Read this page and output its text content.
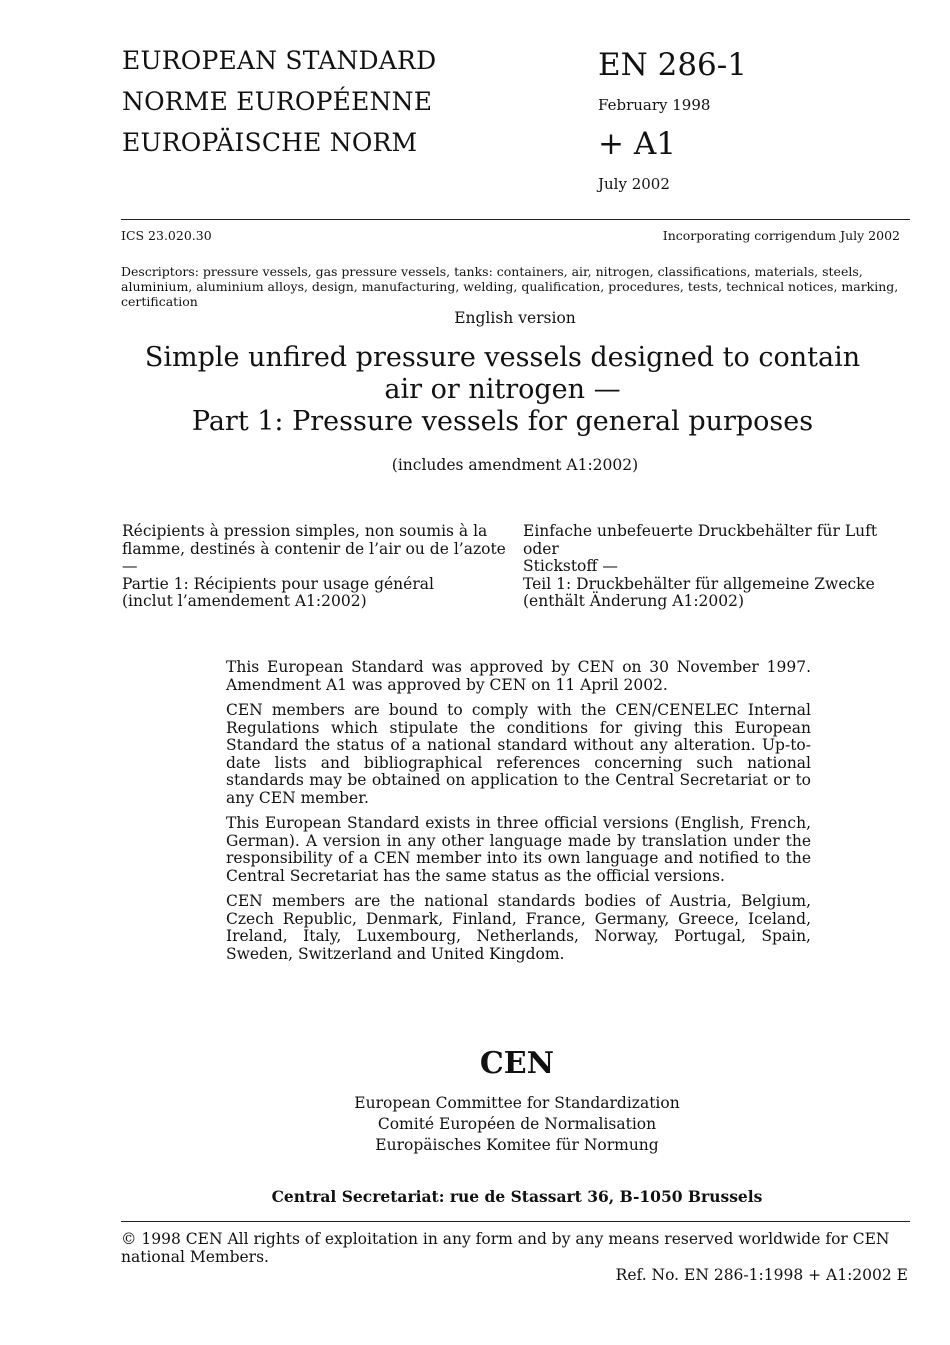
EUROPEAN STANDARD
NORME EUROPÉENNE
EUROPÄISCHE NORM
EN 286-1
February 1998
+ A1
July 2002
ICS 23.020.30	Incorporating corrigendum July 2002
Descriptors: pressure vessels, gas pressure vessels, tanks: containers, air, nitrogen, classifications, materials, steels, aluminium, aluminium alloys, design, manufacturing, welding, qualification, procedures, tests, technical notices, marking, certification
English version
Simple unfired pressure vessels designed to contain
air or nitrogen —
Part 1: Pressure vessels for general purposes
(includes amendment A1:2002)
Récipients à pression simples, non soumis à la
flamme, destinés à contenir de l’air ou de l’azote —
Partie 1: Récipients pour usage général
(inclut l’amendement A1:2002)
Einfache unbefeuerte Druckbehälter für Luft oder
Stickstoff —
Teil 1: Druckbehälter für allgemeine Zwecke
(enthält Änderung A1:2002)

This European Standard was approved by CEN on 30 November 1997. Amendment A1 was approved by CEN on 11 April 2002.

CEN members are bound to comply with the CEN/CENELEC Internal Regulations which stipulate the conditions for giving this European Standard the status of a national standard without any alteration. Up-to-date lists and bibliographical references concerning such national standards may be obtained on application to the Central Secretariat or to any CEN member.

This European Standard exists in three official versions (English, French, German). A version in any other language made by translation under the responsibility of a CEN member into its own language and notified to the Central Secretariat has the same status as the official versions.

CEN members are the national standards bodies of Austria, Belgium, Czech Republic, Denmark, Finland, France, Germany, Greece, Iceland, Ireland, Italy, Luxembourg, Netherlands, Norway, Portugal, Spain, Sweden, Switzerland and United Kingdom.

CEN
European Committee for Standardization
Comité Européen de Normalisation
Europäisches Komitee für Normung
Central Secretariat: rue de Stassart 36, B-1050 Brussels
© 1998 CEN All rights of exploitation in any form and by any means reserved worldwide for CEN national Members.
Ref. No. EN 286-1:1998 + A1:2002 E
